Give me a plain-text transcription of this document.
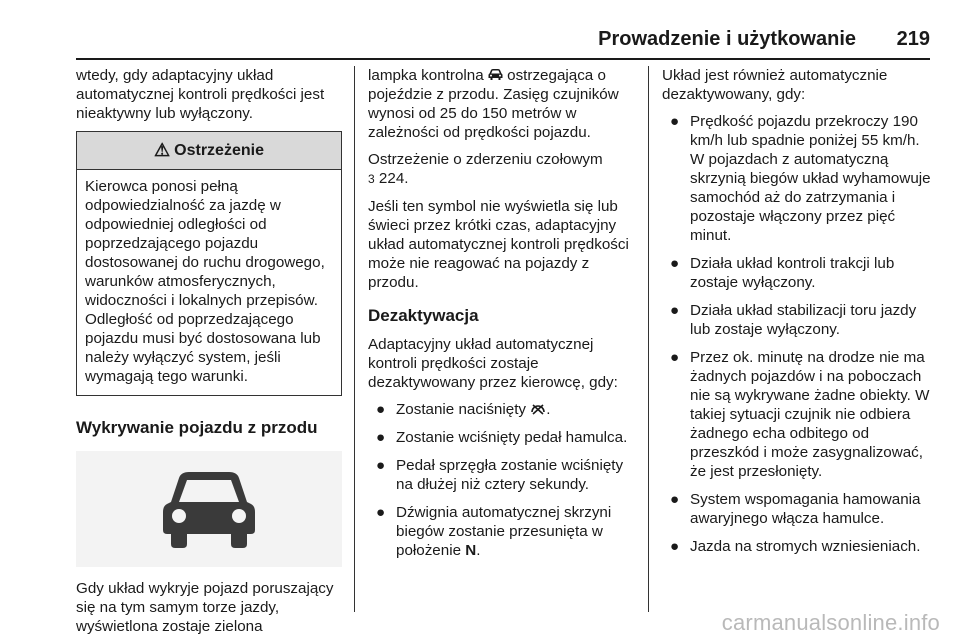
Prowadzenie i użytkowanie 219

wtedy, gdy adaptacyjny układ automatycznej kontroli prędkości jest nieaktywny lub wyłączony.

⚠ Ostrzeżenie
Kierowca ponosi pełną odpowiedzialność za jazdę w odpowiedniej odległości od poprzedzającego pojazdu dostosowanej do ruchu drogowego, warunków atmosferycznych, widoczności i lokalnych przepisów. Odległość od poprzedzającego pojazdu musi być dostosowana lub należy wyłączyć system, jeśli wymagają tego warunki.
Wykrywanie pojazdu z przodu

Gdy układ wykryje pojazd poruszający się na tym samym torze jazdy, wyświetlona zostaje zielona

lampka kontrolna ostrzegająca o pojeździe z przodu. Zasięg czujników wynosi od 25 do 150 metrów w zależności od prędkości pojazdu.

Ostrzeżenie o zderzeniu czołowym
3 224.

Jeśli ten symbol nie wyświetla się lub świeci przez krótki czas, adaptacyjny układ automatycznej kontroli prędkości może nie reagować na pojazdy z przodu.

Dezaktywacja

Adaptacyjny układ automatycznej kontroli prędkości zostaje dezaktywowany przez kierowcę, gdy:

● Zostanie naciśnięty .
● Zostanie wciśnięty pedał hamulca.
● Pedał sprzęgła zostanie wciśnięty na dłużej niż cztery sekundy.
● Dźwignia automatycznej skrzyni biegów zostanie przesunięta w położenie N.

Układ jest również automatycznie dezaktywowany, gdy:

● Prędkość pojazdu przekroczy 190 km/h lub spadnie poniżej 55 km/h. W pojazdach z automatyczną skrzynią biegów układ wyhamowuje samochód aż do zatrzymania i pozostaje włączony przez pięć minut.
● Działa układ kontroli trakcji lub zostaje wyłączony.
● Działa układ stabilizacji toru jazdy lub zostaje wyłączony.
● Przez ok. minutę na drodze nie ma żadnych pojazdów i na poboczach nie są wykrywane żadne obiekty. W takiej sytuacji czujnik nie odbiera żadnego echa odbitego od przeszkód i może zasygnalizować, że jest przesłonięty.
● System wspomagania hamowania awaryjnego włącza hamulce.
● Jazda na stromych wzniesieniach.
carmanualsonline.info
